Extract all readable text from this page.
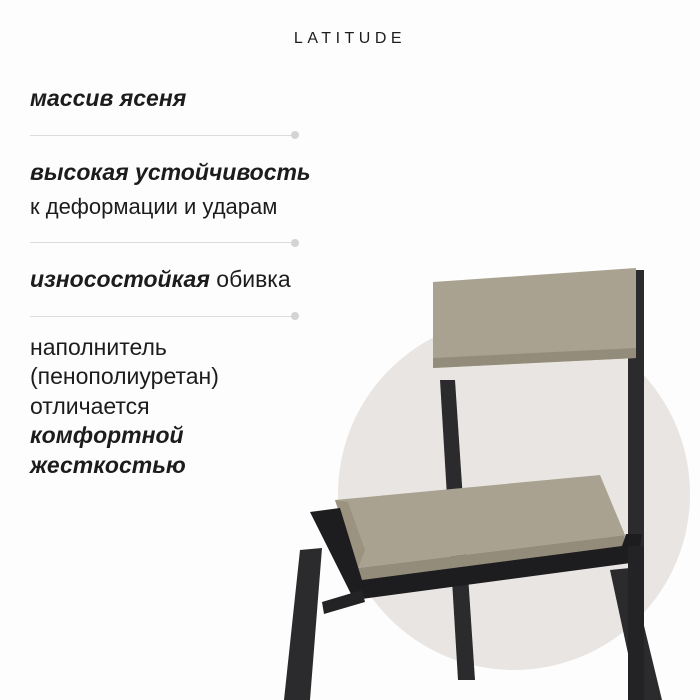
LATITUDE

массив ясеня

высокая устойчивость

к деформации и ударам

износостойкая обивка

наполнитель
(пенополиуретан)
отличается
комфортной
жесткостью
